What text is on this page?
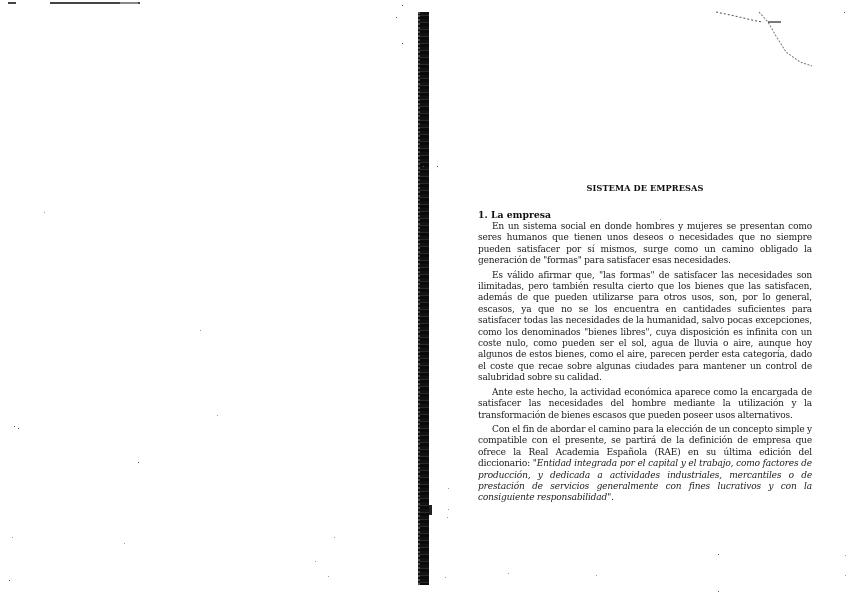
SISTEMA DE EMPRESAS
1. La empresa

En un sistema social en donde hombres y mujeres se presentan como seres humanos que tienen unos deseos o necesidades que no siempre pueden satisfacer por sí mismos, surge como un camino obligado la generación de "formas" para satisfacer esas necesidades.

Es válido afirmar que, "las formas" de satisfacer las necesidades son ilimitadas, pero también resulta cierto que los bienes que las satisfacen, además de que pueden utilizarse para otros usos, son, por lo general, escasos, ya que no se los encuentra en cantidades suficientes para satisfacer todas las necesidades de la humanidad, salvo pocas excepciones, como los denominados "bienes libres", cuya disposición es infinita con un coste nulo, como pueden ser el sol, agua de lluvia o aire, aunque hoy algunos de estos bienes, como el aire, parecen perder esta categoría, dado el coste que recae sobre algunas ciudades para mantener un control de salubridad sobre su calidad.

Ante este hecho, la actividad económica aparece como la encargada de satisfacer las necesidades del hombre mediante la utilización y la transformación de bienes escasos que pueden poseer usos alternativos.

Con el fin de abordar el camino para la elección de un concepto simple y compatible con el presente, se partirá de la definición de empresa que ofrece la Real Academia Española (RAE) en su última edición del diccionario: "Entidad integrada por el capital y el trabajo, como factores de producción, y dedicada a actividades industriales, mercantiles o de prestación de servicios generalmente con fines lucrativos y con la consiguiente responsabilidad".
